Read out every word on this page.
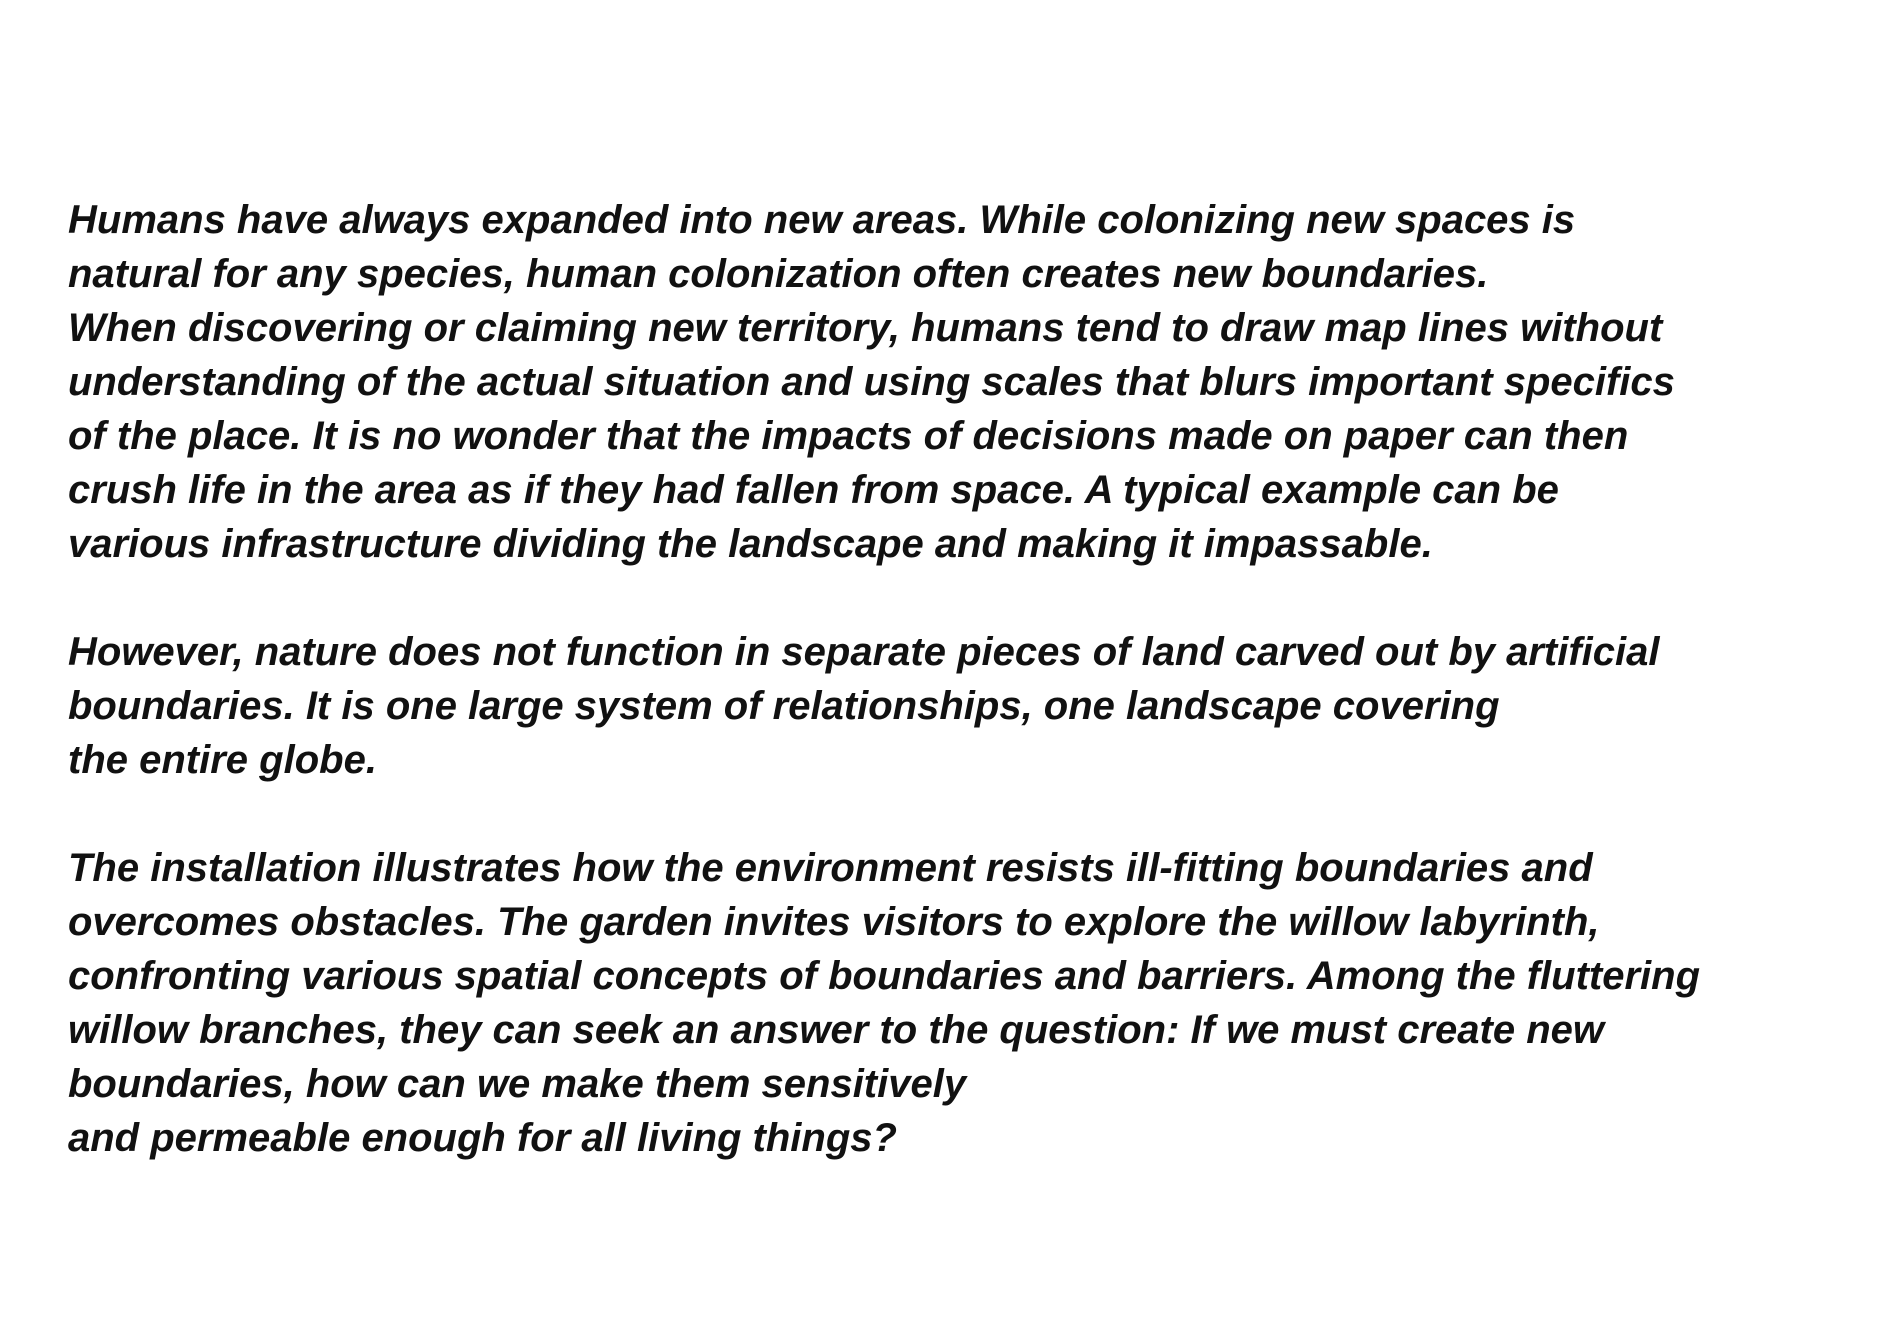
Humans have always expanded into new areas. While colonizing new spaces is
natural for any species, human colonization often creates new boundaries.
When discovering or claiming new territory, humans tend to draw map lines without
understanding of the actual situation and using scales that blurs important specifics
of the place. It is no wonder that the impacts of decisions made on paper can then
crush life in the area as if they had fallen from space. A typical example can be
various infrastructure dividing the landscape and making it impassable.
However, nature does not function in separate pieces of land carved out by artificial
boundaries. It is one large system of relationships, one landscape covering
the entire globe.
The installation illustrates how the environment resists ill-fitting boundaries and
overcomes obstacles. The garden invites visitors to explore the willow labyrinth,
confronting various spatial concepts of boundaries and barriers. Among the fluttering
willow branches, they can seek an answer to the question: If we must create new
boundaries, how can we make them sensitively
and permeable enough for all living things?
